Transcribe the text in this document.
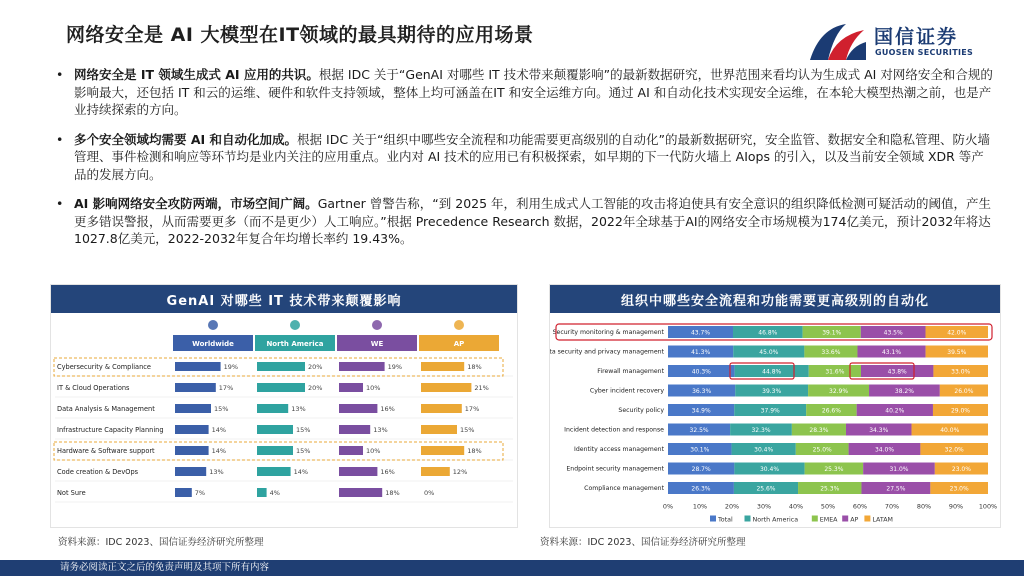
网络安全是 AI 大模型在IT领域的最具期待的应用场景	国信证券
GUOSEN SECURITIES
• 网络安全是 IT 领域生成式 AI 应用的共识。根据 IDC 关于“GenAI 对哪些 IT 技术带来颠覆影响”的最新数据研究，世界范围来看均认为生成式 AI 对网络安全和合规的影响最大，还包括 IT 和云的运维、硬件和软件支持领域，整体上均可涵盖在IT 和安全运维方向。通过 AI 和自动化技术实现安全运维，在本轮大模型热潮之前，也是产业持续探索的方向。
• 多个安全领域均需要 AI 和自动化加成。根据 IDC 关于“组织中哪些安全流程和功能需要更高级别的自动化”的最新数据研究，安全监管、数据安全和隐私管理、防火墙管理、事件检测和响应等环节均是业内关注的应用重点。业内对 AI 技术的应用已有积极探索，如早期的下一代防火墙上 AIops 的引入，以及当前安全领域 XDR 等产品的发展方向。
• AI 影响网络安全攻防两端，市场空间广阔。Gartner 曾警告称，“到 2025 年，利用生成式人工智能的攻击将迫使具有安全意识的组织降低检测可疑活动的阈值，产生更多错误警报，从而需要更多（而不是更少）人工响应。”根据 Precedence Research 数据，2022年全球基于AI的网络安全市场规模为174亿美元，预计2032年将达1027.8亿美元，2022-2032年复合年均增长率约 19.43%。
GenAI 对哪些 IT 技术带来颠覆影响
Worldwide	North America	WE	AP
Cybersecurity & Compliance	19%	20%	19%	18%
IT & Cloud Operations	17%	20%	10%	21%
Data Analysis & Management	15%	13%	16%	17%
Infrastructure Capacity Planning	14%	15%	13%	15%
Hardware & Software support	14%	15%	10%	18%
Code creation & DevOps	13%	14%	16%	12%
Not Sure	7%	4%	18%	0%
组织中哪些安全流程和功能需要更高级别的自动化
Security monitoring & management	43.7%	46.8%	39.1%	43.5%	42.0%
Data security and privacy management	41.3%	45.0%	33.6%	43.1%	39.5%
Firewall management	40.3%	44.8%	31.6%	43.8%	33.0%
Cyber incident recovery	36.3%	39.3%	32.9%	38.2%	26.0%
Security policy	34.9%	37.9%	26.6%	40.2%	29.0%
Incident detection and response	32.5%	32.3%	28.3%	34.3%	40.0%
Identity access management	30.1%	30.4%	25.0%	34.0%	32.0%
Endpoint security management	28.7%	30.4%	25.3%	31.0%	23.0%
Compliance management	26.3%	25.6%	25.3%	27.5%	23.0%
0%	10%	20%	30%	40%	50%	60%	70%	80%	90% 100%
Total	North America	EMEA AP LATAM
资料来源：IDC 2023、国信证券经济研究所整理	资料来源：IDC 2023、国信证券经济研究所整理
请务必阅读正文之后的免责声明及其项下所有内容
